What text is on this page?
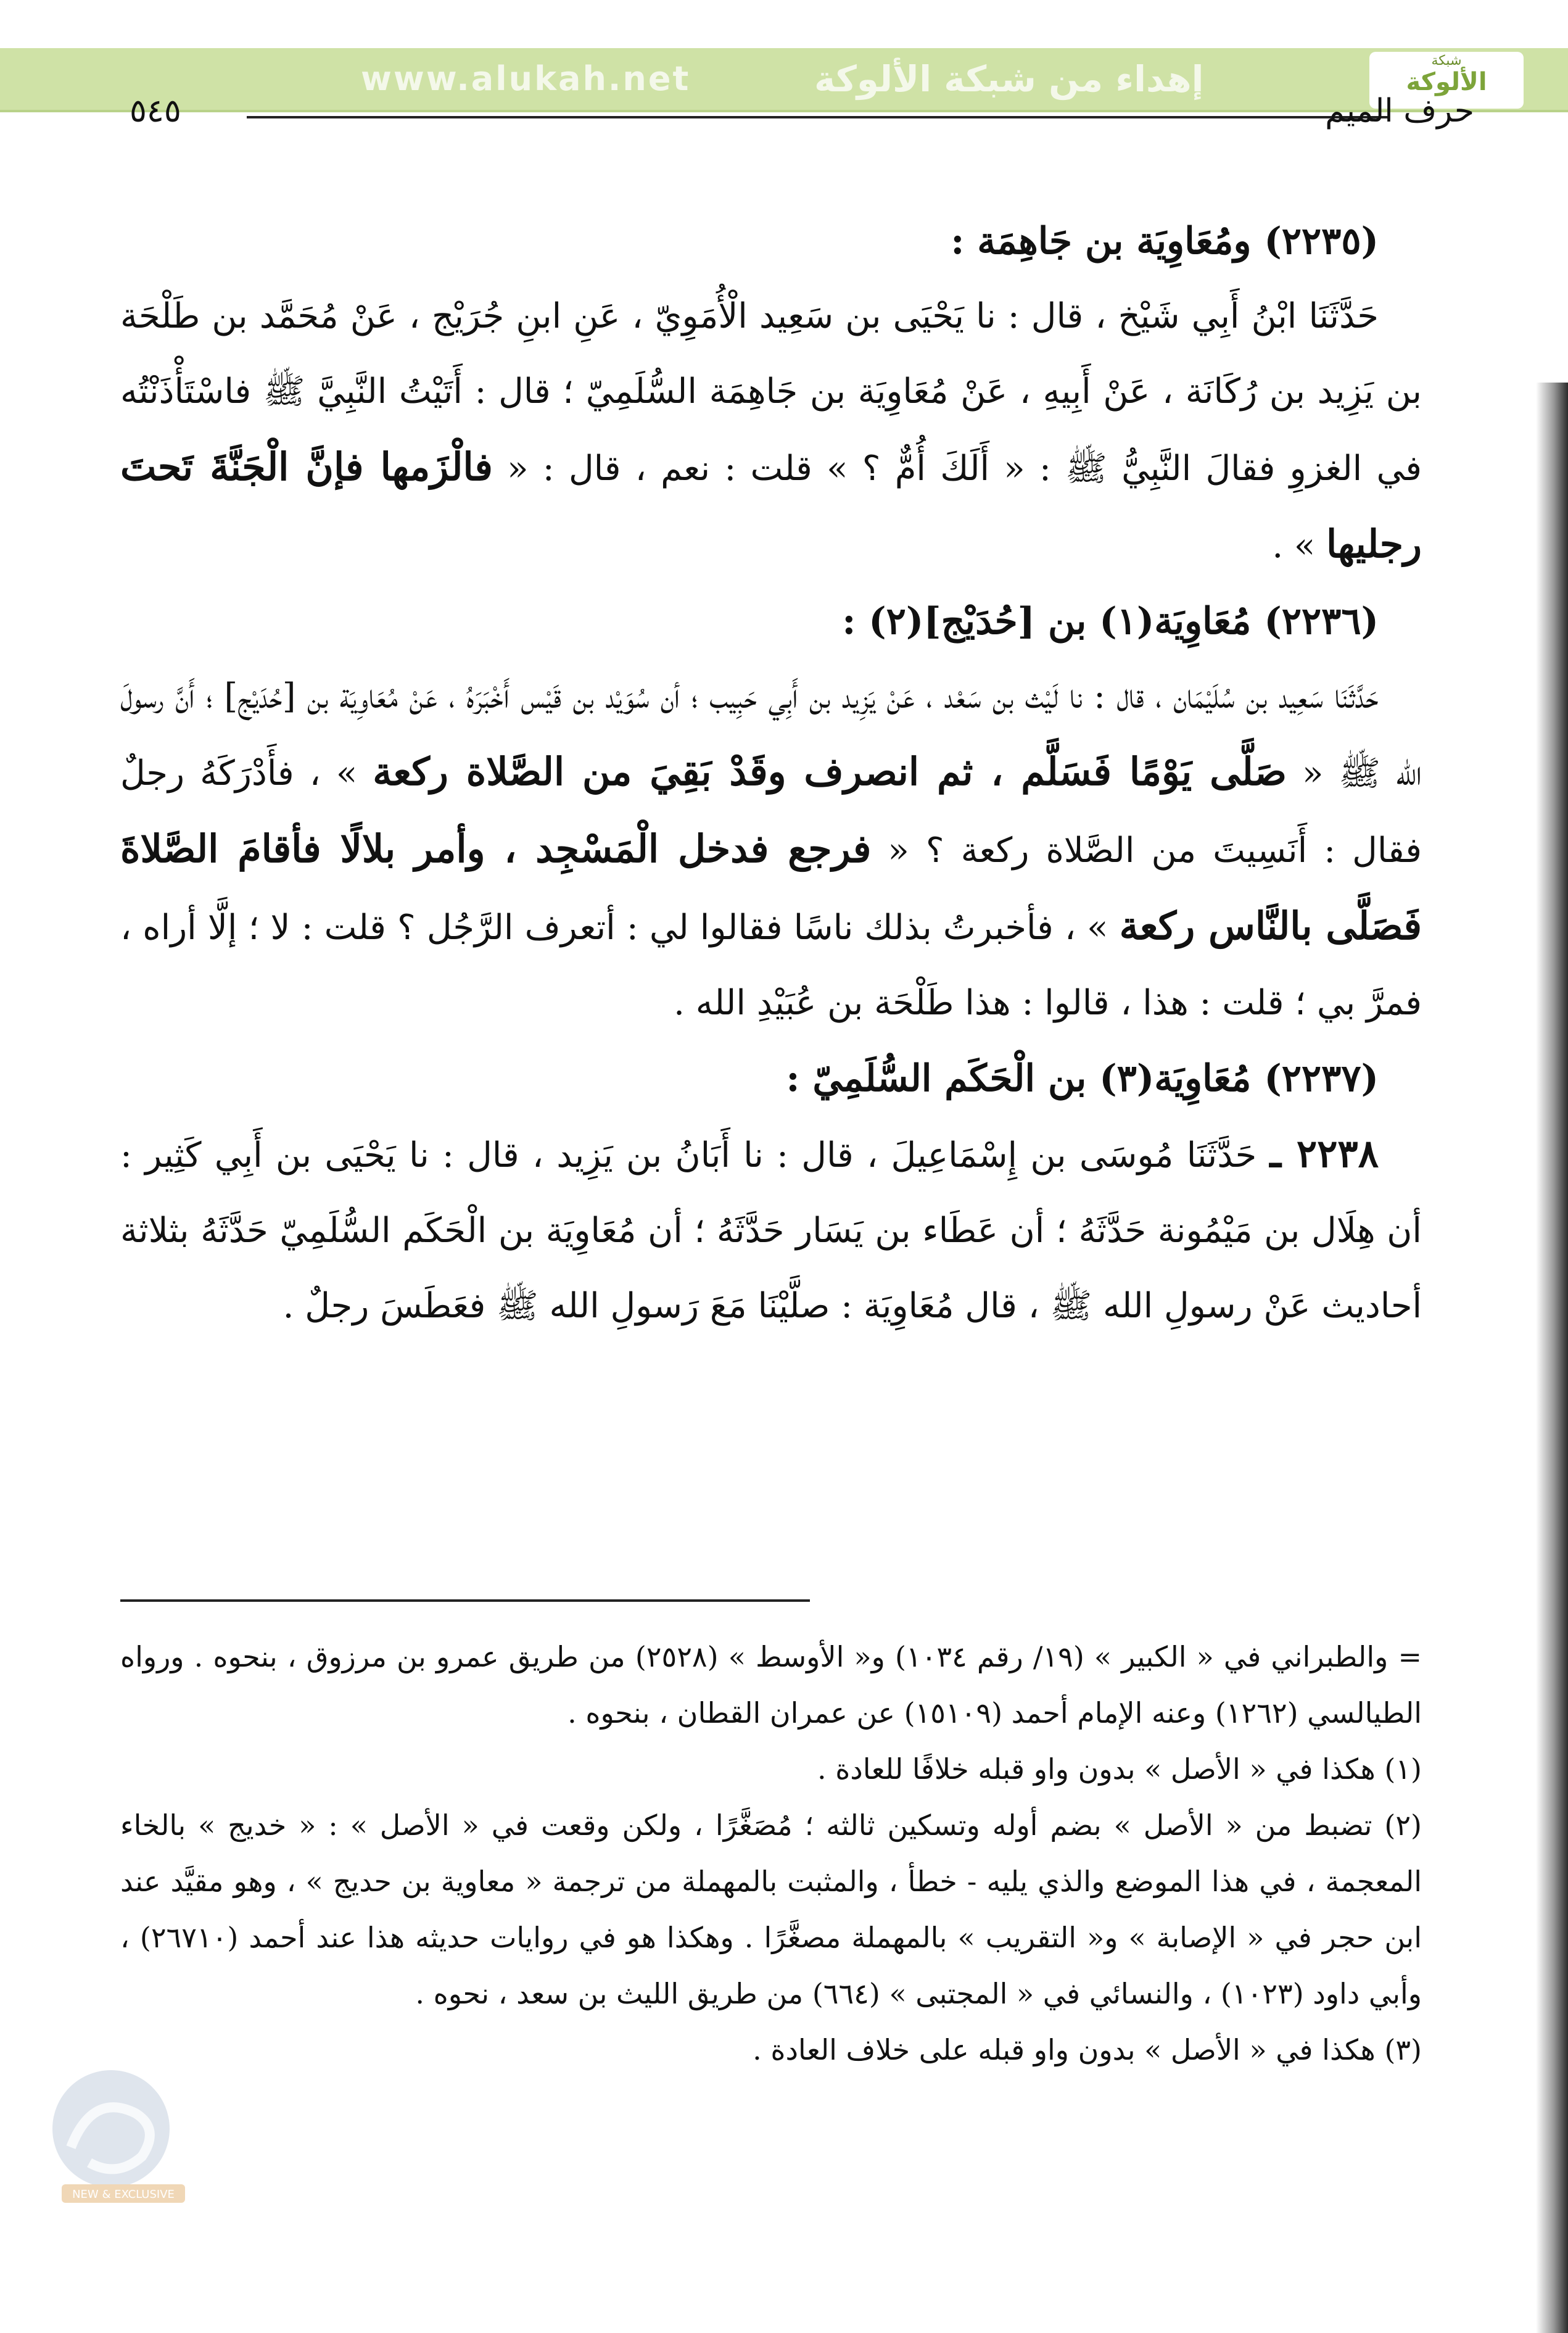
www.alukah.net	إهداء من شبكة الألوكة	شبكة
الألوكة
٥٤٥	حرف الميم

(٢٢٣٥) ومُعَاوِيَة بن جَاهِمَة :

حَدَّثَنَا ابْنُ أَبِي شَيْخ ، قال : نا يَحْيَى بن سَعِيد الْأُمَوِيّ ، عَنِ ابنِ جُرَيْج ، عَنْ مُحَمَّد بن طَلْحَة بن يَزِيد بن رُكَانَة ، عَنْ أَبِيهِ ، عَنْ مُعَاوِيَة بن جَاهِمَة السُّلَمِيّ ؛ قال : أَتَيْتُ النَّبِيَّ ﷺ فاسْتَأْذَنْتُه في الغزوِ فقالَ النَّبِيُّ ﷺ : « أَلَكَ أُمٌّ ؟ » قلت : نعم ، قال : « فالْزَمها فإنَّ الْجَنَّةَ تَحتَ رجليها » .

(٢٢٣٦) مُعَاوِيَة(١) بن [حُدَيْج](٢) :

حَدَّثَنَا سَعِيد بن سُلَيْمَان ، قال : نا لَيْث بن سَعْد ، عَنْ يَزِيد بن أَبِي حَبِيب ؛ أن سُوَيْد بن قَيْس أَخْبَرَهُ ، عَنْ مُعَاوِيَة بن [حُدَيْج] ؛ أَنَّ رسولَ الله ﷺ « صَلَّى يَوْمًا فَسَلَّم ، ثم انصرف وقَدْ بَقِيَ من الصَّلاة ركعة » ، فأَدْرَكَهُ رجلٌ فقال : أَنَسِيتَ من الصَّلاة ركعة ؟ « فرجع فدخل الْمَسْجِد ، وأمر بلالًا فأقامَ الصَّلاةَ فَصَلَّى بالنَّاس ركعة » ، فأخبرتُ بذلك ناسًا فقالوا لي : أتعرف الرَّجُل ؟ قلت : لا ؛ إلَّا أراه ، فمرَّ بي ؛ قلت : هذا ، قالوا : هذا طَلْحَة بن عُبَيْدِ الله .

(٢٢٣٧) مُعَاوِيَة(٣) بن الْحَكَم السُّلَمِيّ :

٢٢٣٨ ـ حَدَّثَنَا مُوسَى بن إِسْمَاعِيلَ ، قال : نا أَبَانُ بن يَزِيد ، قال : نا يَحْيَى بن أَبِي كَثِير : أن هِلَال بن مَيْمُونة حَدَّثَهُ ؛ أن عَطَاء بن يَسَار حَدَّثَهُ ؛ أن مُعَاوِيَة بن الْحَكَم السُّلَمِيّ حَدَّثَهُ بثلاثة أحاديث عَنْ رسولِ الله ﷺ ، قال مُعَاوِيَة : صلَّيْنَا مَعَ رَسولِ الله ﷺ فعَطَسَ رجلٌ .

= والطبراني في « الكبير » (١٩/ رقم ١٠٣٤) و« الأوسط » (٢٥٢٨) من طريق عمرو بن مرزوق ، بنحوه . ورواه الطيالسي (١٢٦٢) وعنه الإمام أحمد (١٥١٠٩) عن عمران القطان ، بنحوه .

(١) هكذا في « الأصل » بدون واو قبله خلافًا للعادة .

(٢) تضبط من « الأصل » بضم أوله وتسكين ثالثه ؛ مُصَغَّرًا ، ولكن وقعت في « الأصل » : « خديج » بالخاء المعجمة ، في هذا الموضع والذي يليه - خطأ ، والمثبت بالمهملة من ترجمة « معاوية بن حديج » ، وهو مقيَّد عند ابن حجر في « الإصابة » و« التقريب » بالمهملة مصغَّرًا . وهكذا هو في روايات حديثه هذا عند أحمد (٢٦٧١٠) ، وأبي داود (١٠٢٣) ، والنسائي في « المجتبى » (٦٦٤) من طريق الليث بن سعد ، نحوه .

(٣) هكذا في « الأصل » بدون واو قبله على خلاف العادة .

NEW & EXCLUSIVE
